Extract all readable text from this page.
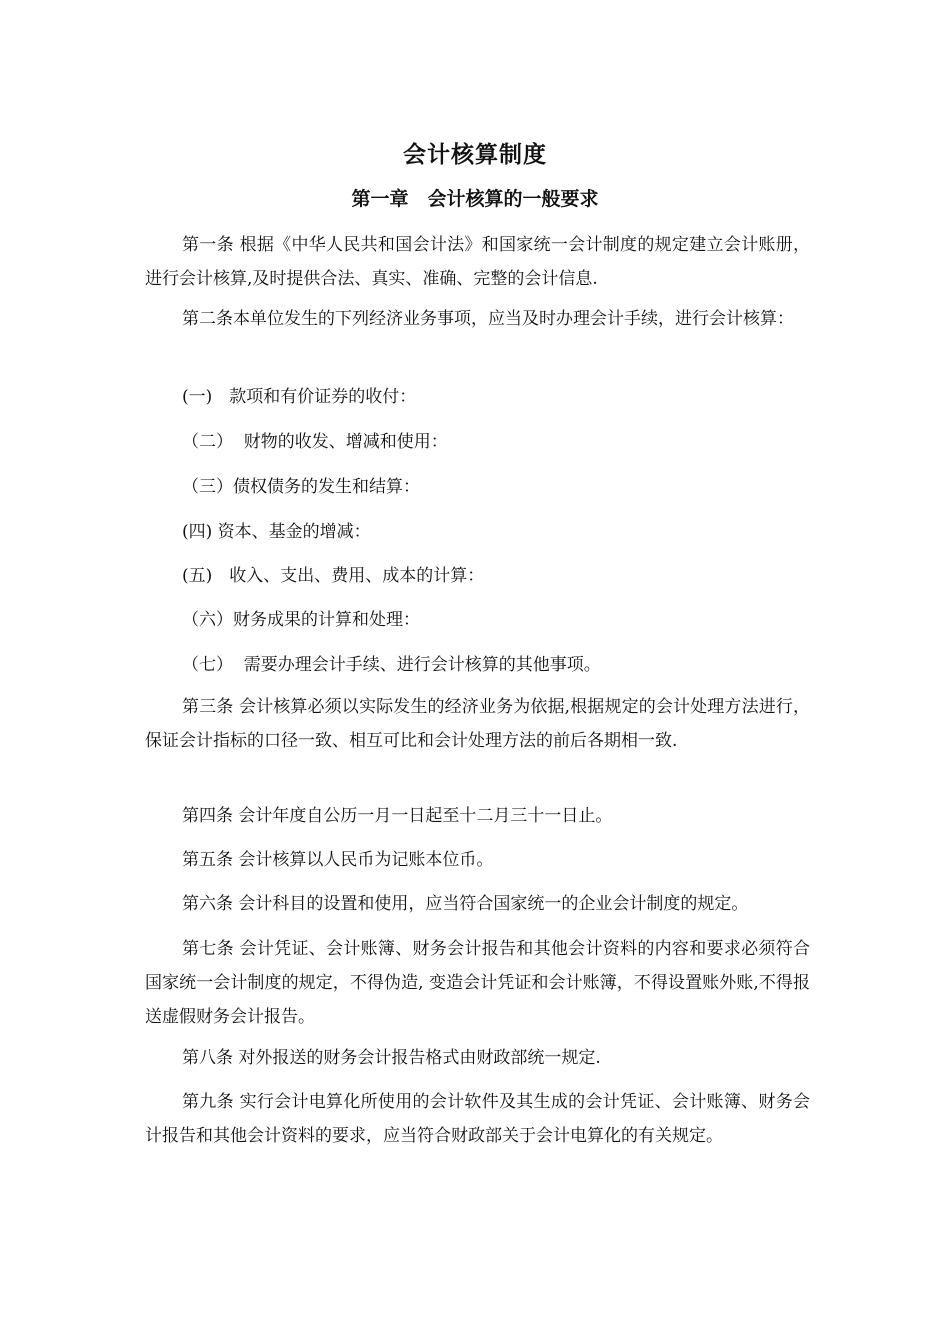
会计核算制度
第一章　会计核算的一般要求

第一条 根据《中华人民共和国会计法》和国家统一会计制度的规定建立会计账册，进行会计核算,及时提供合法、真实、准确、完整的会计信息.

第二条本单位发生的下列经济业务事项，应当及时办理会计手续，进行会计核算：

(一)　款项和有价证券的收付：

（二）  财物的收发、增减和使用：

（三）债权债务的发生和结算：

(四) 资本、基金的增减：

(五)　收入、支出、费用、成本的计算：

（六）财务成果的计算和处理：

（七）  需要办理会计手续、进行会计核算的其他事项。

第三条 会计核算必须以实际发生的经济业务为依据,根据规定的会计处理方法进行，保证会计指标的口径一致、相互可比和会计处理方法的前后各期相一致.

第四条 会计年度自公历一月一日起至十二月三十一日止。

第五条 会计核算以人民币为记账本位币。

第六条 会计科目的设置和使用，应当符合国家统一的企业会计制度的规定。

第七条 会计凭证、会计账簿、财务会计报告和其他会计资料的内容和要求必须符合国家统一会计制度的规定，不得伪造, 变造会计凭证和会计账簿，不得设置账外账,不得报送虚假财务会计报告。

第八条 对外报送的财务会计报告格式由财政部统一规定.

第九条 实行会计电算化所使用的会计软件及其生成的会计凭证、会计账簿、财务会计报告和其他会计资料的要求，应当符合财政部关于会计电算化的有关规定。
